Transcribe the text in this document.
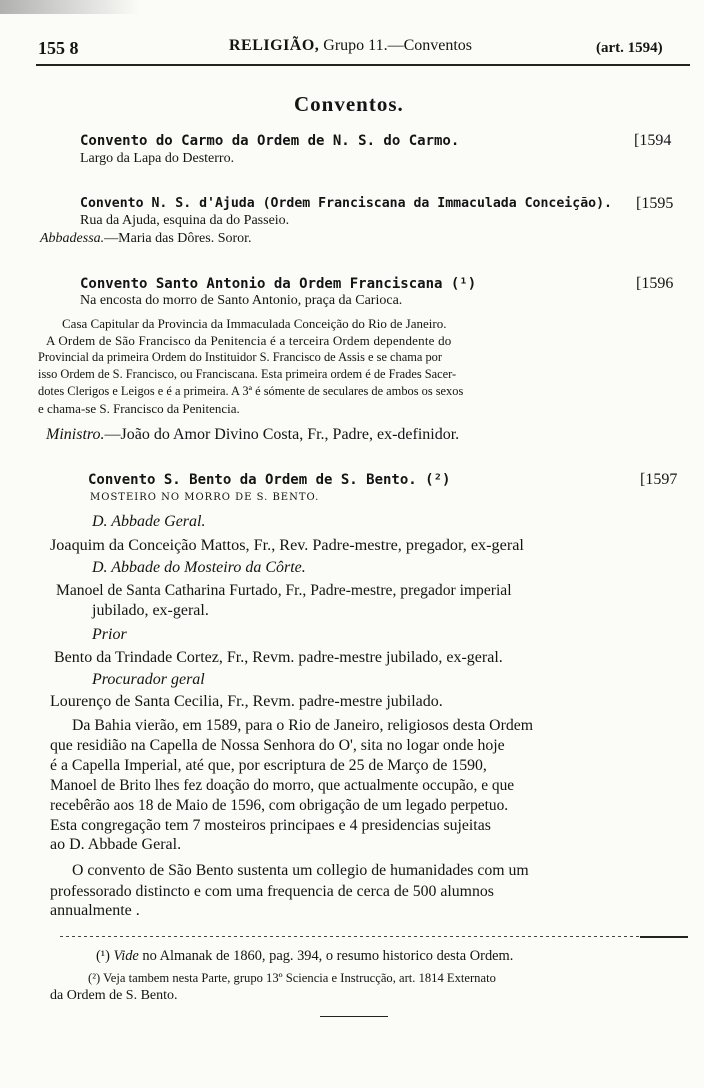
155 8	RELIGIÃO, Grupo 11.—Conventos	(art. 1594)
Conventos.
Convento do Carmo da Ordem de N. S. do Carmo.	[1594
Largo da Lapa do Desterro.
Convento N. S. d'Ajuda (Ordem Franciscana da Immaculada Conceição). [1595
Rua da Ajuda, esquina da do Passeio.
Abbadessa.—Maria das Dôres. Soror.
Convento Santo Antonio da Ordem Franciscana (¹)	[1596
Na encosta do morro de Santo Antonio, praça da Carioca.
Casa Capitular da Provincia da Immaculada Conceição do Rio de Janeiro.
A Ordem de São Francisco da Penitencia é a terceira Ordem dependente do
Provincial da primeira Ordem do Instituidor S. Francisco de Assis e se chama por
isso Ordem de S. Francisco, ou Franciscana. Esta primeira ordem é de Frades Sacer-
dotes Clerigos e Leigos e é a primeira. A 3ª é sómente de seculares de ambos os sexos
e chama-se S. Francisco da Penitencia.
Ministro.—João do Amor Divino Costa, Fr., Padre, ex-definidor.
Convento S. Bento da Ordem de S. Bento. (²)	[1597
MOSTEIRO NO MORRO DE S. BENTO.
D. Abbade Geral.
Joaquim da Conceição Mattos, Fr., Rev. Padre-mestre, pregador, ex-geral
D. Abbade do Mosteiro da Côrte.
Manoel de Santa Catharina Furtado, Fr., Padre-mestre, pregador imperial
jubilado, ex-geral.
Prior
Bento da Trindade Cortez, Fr., Revm. padre-mestre jubilado, ex-geral.
Procurador geral
Lourenço de Santa Cecilia, Fr., Revm. padre-mestre jubilado.
Da Bahia vierão, em 1589, para o Rio de Janeiro, religiosos desta Ordem
que residião na Capella de Nossa Senhora do O', sita no logar onde hoje
é a Capella Imperial, até que, por escriptura de 25 de Março de 1590,
Manoel de Brito lhes fez doação do morro, que actualmente occupão, e que
recebêrão aos 18 de Maio de 1596, com obrigação de um legado perpetuo.
Esta congregação tem 7 mosteiros principaes e 4 presidencias sujeitas
ao D. Abbade Geral.
O convento de São Bento sustenta um collegio de humanidades com um
professorado distincto e com uma frequencia de cerca de 500 alumnos
annualmente .
(¹) Vide no Almanak de 1860, pag. 394, o resumo historico desta Ordem.
(²) Veja tambem nesta Parte, grupo 13º Sciencia e Instrucção, art. 1814 Externato
da Ordem de S. Bento.
